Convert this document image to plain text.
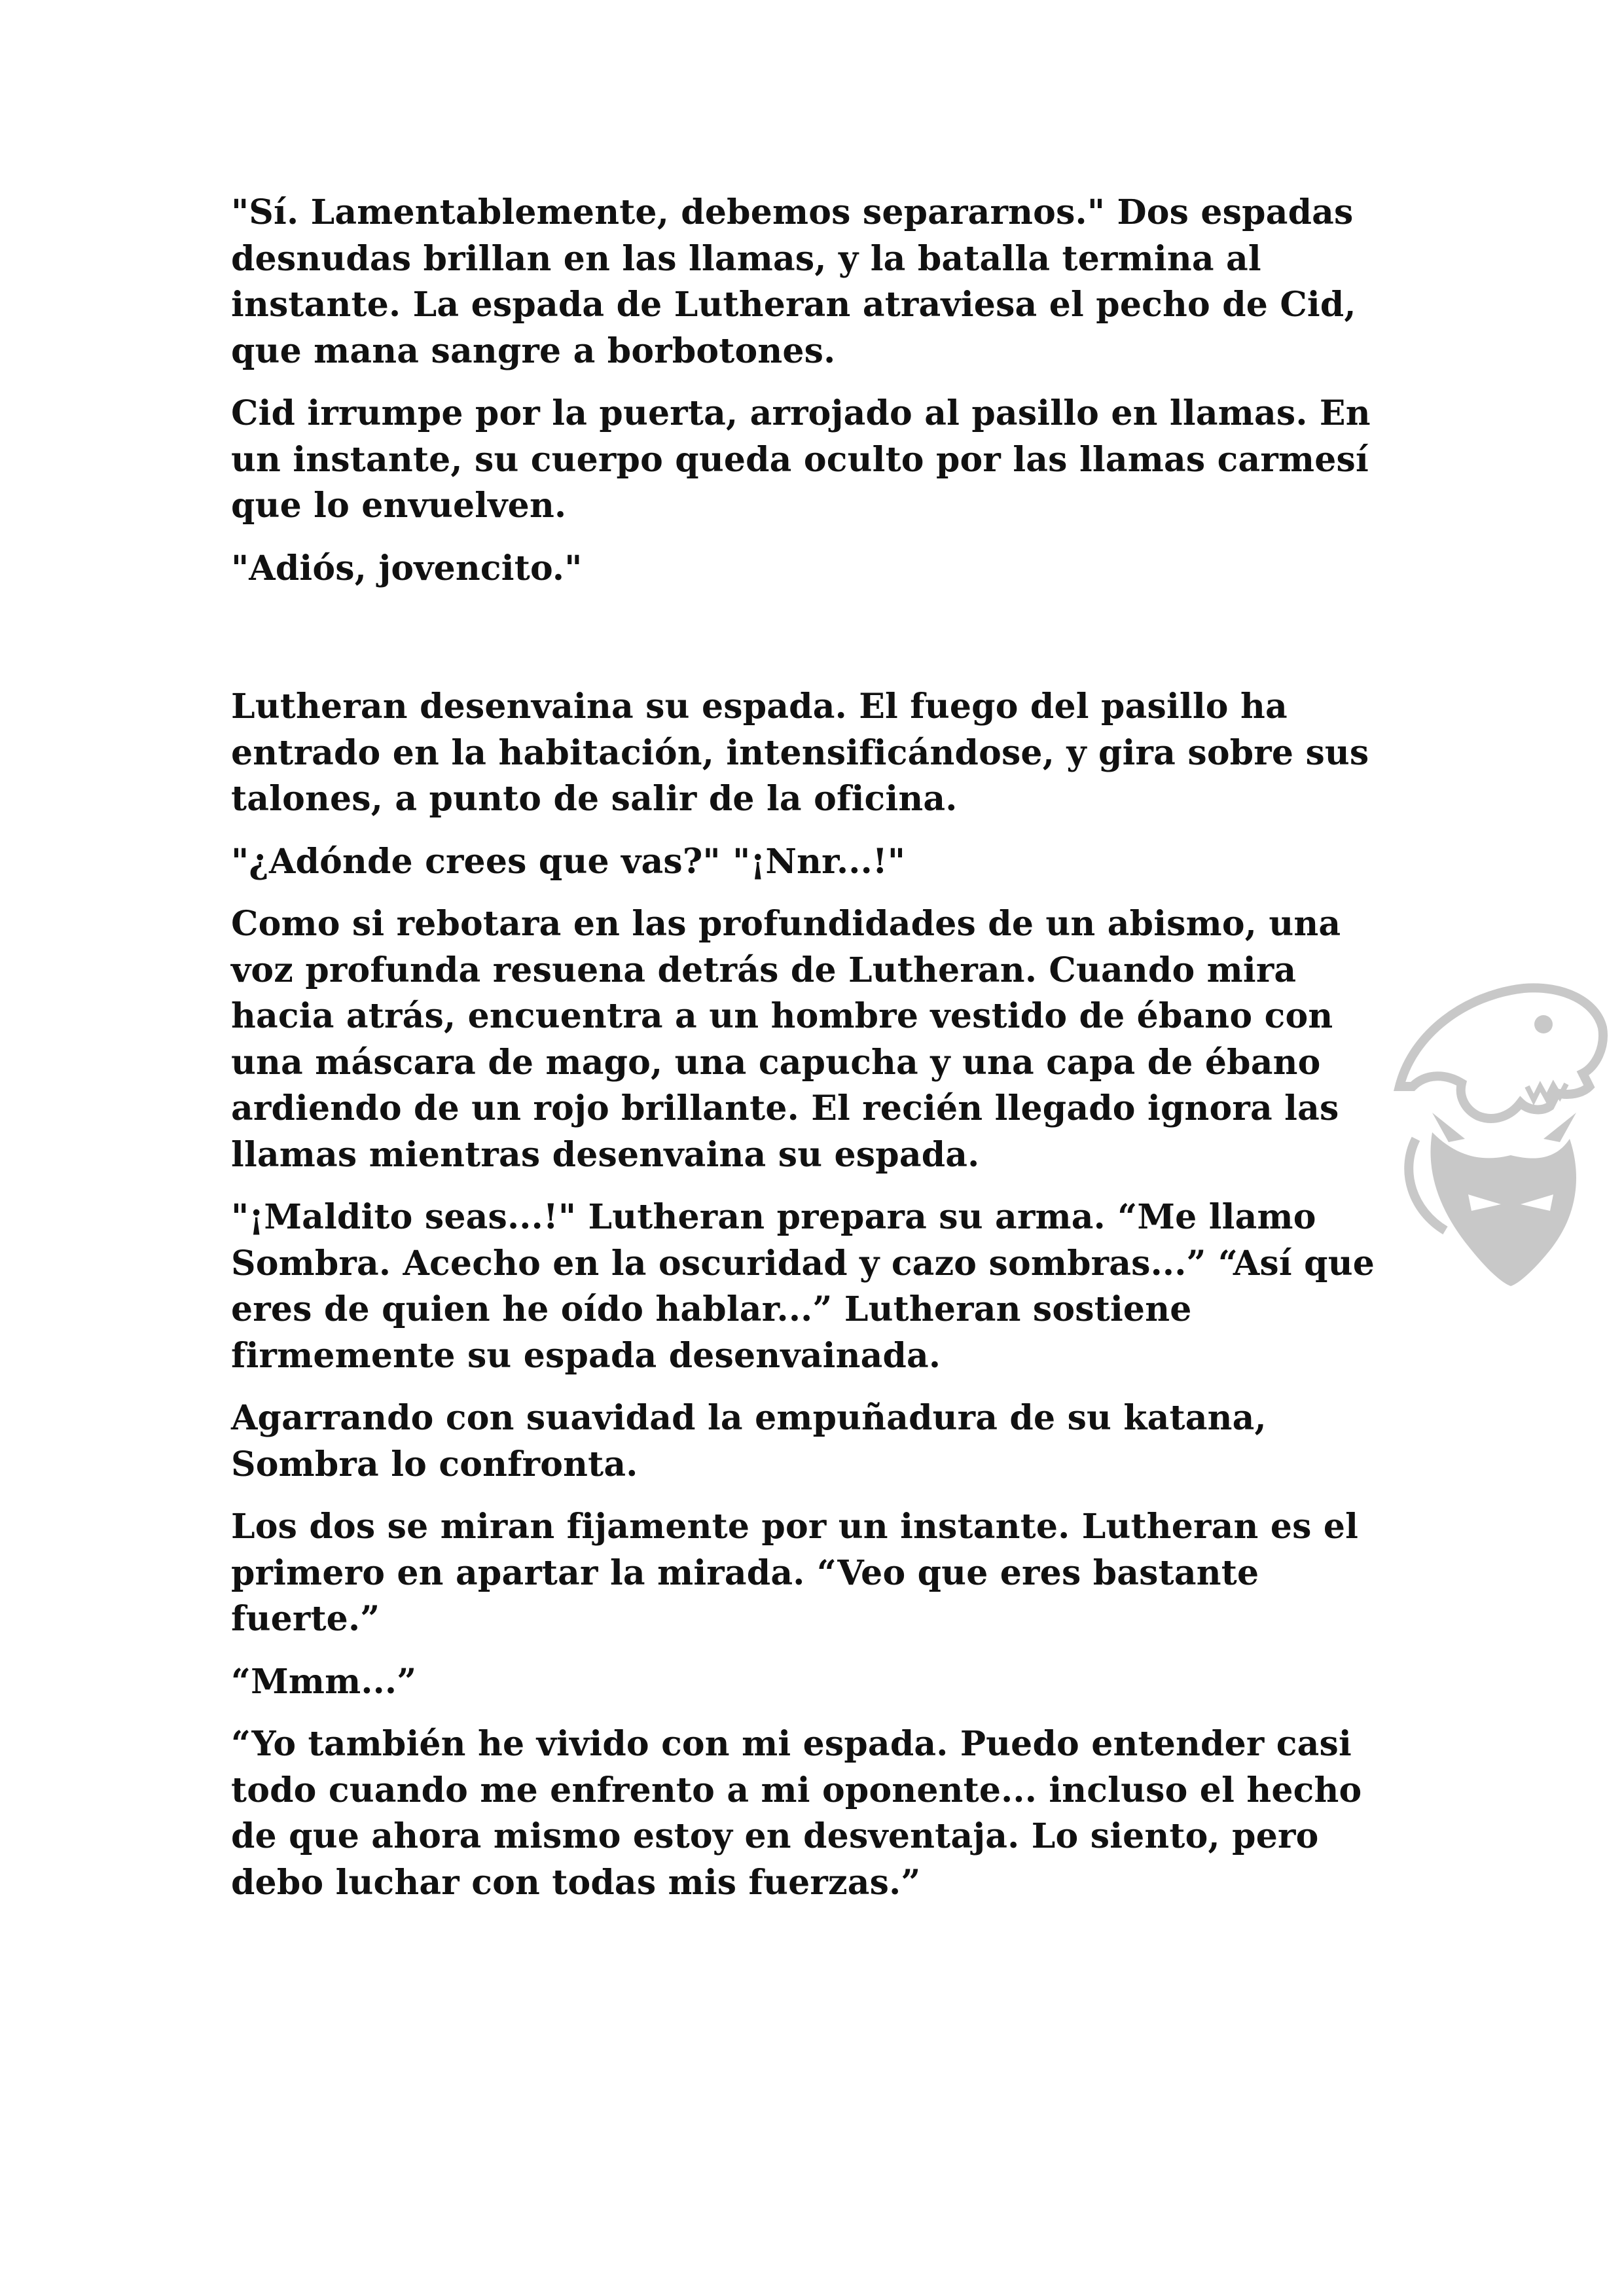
"Sí. Lamentablemente, debemos separarnos." Dos espadas
desnudas brillan en las llamas, y la batalla termina al
instante. La espada de Lutheran atraviesa el pecho de Cid,
que mana sangre a borbotones.

Cid irrumpe por la puerta, arrojado al pasillo en llamas. En
un instante, su cuerpo queda oculto por las llamas carmesí
que lo envuelven.

"Adiós, jovencito."

Lutheran desenvaina su espada. El fuego del pasillo ha
entrado en la habitación, intensificándose, y gira sobre sus
talones, a punto de salir de la oficina.

"¿Adónde crees que vas?" "¡Nnr...!"

Como si rebotara en las profundidades de un abismo, una
voz profunda resuena detrás de Lutheran. Cuando mira
hacia atrás, encuentra a un hombre vestido de ébano con
una máscara de mago, una capucha y una capa de ébano
ardiendo de un rojo brillante. El recién llegado ignora las
llamas mientras desenvaina su espada.

"¡Maldito seas...!" Lutheran prepara su arma. “Me llamo
Sombra. Acecho en la oscuridad y cazo sombras...” “Así que
eres de quien he oído hablar...” Lutheran sostiene
firmemente su espada desenvainada.

Agarrando con suavidad la empuñadura de su katana,
Sombra lo confronta.

Los dos se miran fijamente por un instante. Lutheran es el
primero en apartar la mirada. “Veo que eres bastante
fuerte.”

“Mmm...”

“Yo también he vivido con mi espada. Puedo entender casi
todo cuando me enfrento a mi oponente... incluso el hecho
de que ahora mismo estoy en desventaja. Lo siento, pero
debo luchar con todas mis fuerzas.”
